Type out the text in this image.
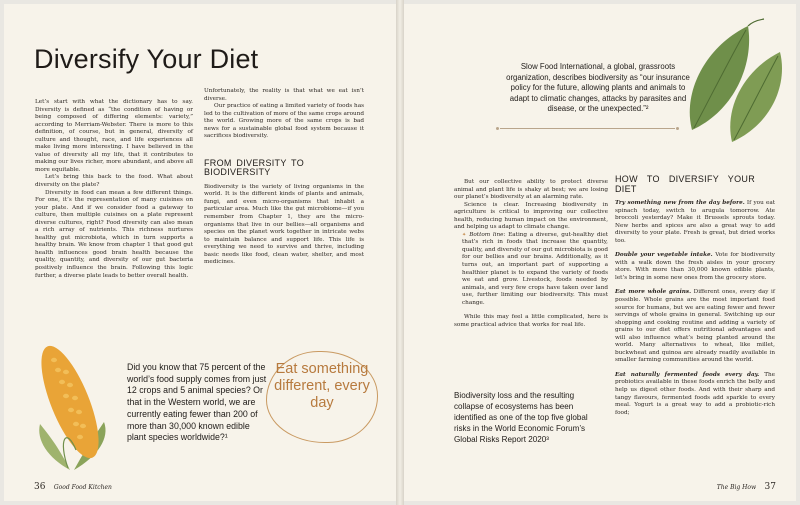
Diversify Your Diet

Let’s start with what the dictionary has to say. Diversity is defined as “the condition of having or being composed of differing elements: variety,” according to Merriam-Webster. There is more to this definition, of course, but in general, diversity of culture and thought, race, and life experiences all make living more interesting. I have believed in the value of diversity all my life, that it contributes to making our lives richer, more abundant, and above all more equitable.

Let’s bring this back to the food. What about diversity on the plate?

Diversity in food can mean a few different things. For one, it’s the representation of many cuisines on your plate. And if we consider food a gateway to culture, then multiple cuisines on a plate represent diverse cultures, right? Food diversity can also mean a rich array of nutrients. This richness nurtures healthy gut microbiota, which in turn supports a healthy brain. We know from chapter 1 that good gut health influences good brain health because the quality, quantity, and diversity of our gut bacteria positively influence the brain. Following this logic further, a diverse plate leads to better overall health.

Unfortunately, the reality is that what we eat isn’t diverse.

Our practice of eating a limited variety of foods has led to the cultivation of more of the same crops around the world. Growing more of the same crops is bad news for a sustainable global food system because it sacrifices biodiversity.

FROM DIVERSITY TO BIODIVERSITY

Biodiversity is the variety of living organisms in the world. It is the different kinds of plants and animals, fungi, and even micro-organisms that inhabit a particular area. Much like the gut microbiome—if you remember from Chapter 1, they are the micro-organisms that live in our bellies—all organisms and species on the planet work together in intricate webs to maintain balance and support life. This life is everything we need to survive and thrive, including basic needs like food, clean water, shelter, and most medicines.

Did you know that 75 percent of the world’s food supply comes from just 12 crops and 5 animal species? Or that in the Western world, we are currently eating fewer than 200 of more than 30,000 known edible plant species worldwide?¹
Eat something different, every day
36 Good Food Kitchen
Slow Food International, a global, grassroots organization, describes biodiversity as “our insurance policy for the future, allowing plants and animals to adapt to climatic changes, attacks by parasites and disease, or the unexpected.”²

But our collective ability to protect diverse animal and plant life is shaky at best; we are losing our planet’s biodiversity at an alarming rate.

Science is clear. Increasing biodiversity in agriculture is critical to improving our collective health, reducing human impact on the environment, and helping us adapt to climate change.

✦ Bottom line: Eating a diverse, gut-healthy diet that’s rich in foods that increase the quantity, quality, and diversity of our gut microbiota is good for our bellies and our brains. Additionally, as it turns out, an important part of supporting a healthier planet is to expand the variety of foods we eat and grow. Livestock, foods needed by animals, and very few crops have taken over land use, further limiting our biodiversity. This must change.

While this may feel a little complicated, here is some practical advice that works for real life.

Biodiversity loss and the resulting collapse of ecosystems has been identified as one of the top five global risks in the World Economic Forum’s Global Risks Report 2020³
HOW TO DIVERSIFY YOUR DIET

Try something new from the day before. If you eat spinach today, switch to arugula tomorrow. Ate broccoli yesterday? Make it Brussels sprouts today. New herbs and spices are also a great way to add diversity to your plate. Fresh is great, but dried works too.

Double your vegetable intake. Vote for biodiversity with a walk down the fresh aisles in your grocery store. With more than 30,000 known edible plants, let’s bring in some new ones from the grocery store.

Eat more whole grains. Different ones, every day if possible. Whole grains are the most important food source for humans, but we are eating fewer and fewer servings of whole grains in general. Switching up our shopping and cooking routine and adding a variety of grains to our diet offers nutritional advantages and will also influence what’s being planted around the world. Many alternatives to wheat, like millet, buckwheat and quinoa are already readily available in smaller farming communities around the world.

Eat naturally fermented foods every day. The probiotics available in these foods enrich the belly and help us digest other foods. And with their sharp and tangy flavours, fermented foods add sparkle to every meal. Yogurt is a great way to add a probiotic-rich food;

The Big How 37
